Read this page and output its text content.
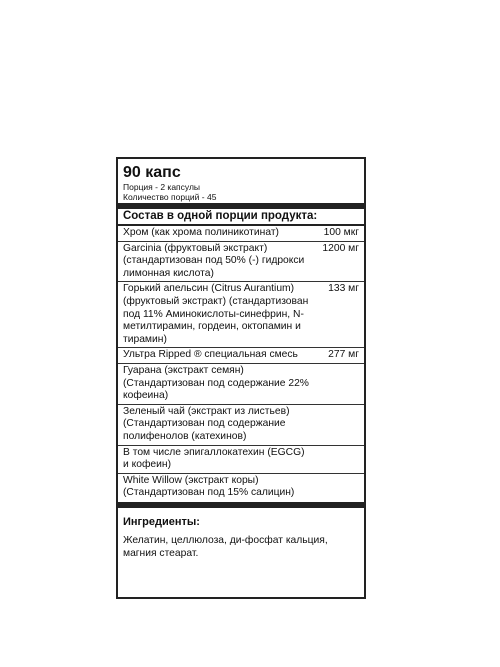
90 капс
Порция - 2 капсулы
Количество порций - 45
Состав в одной порции продукта:
Хром (как хрома полиникотинат)	100 мкг
Garcinia (фруктовый экстракт) (стандартизован под 50% (-) гидрокси лимонная кислота)
1200 мг
Горький апельсин (Citrus Aurantium) (фруктовый экстракт) (стандартизован под 11% Аминокислоты-синефрин, N-метилтирамин, гордеин, октопамин и тирамин)
133 мг
Ультра Ripped ® специальная смесь	277 мг
Гуарана (экстракт семян) (Стандартизован под содержание 22% кофеина)
Зеленый чай (экстракт из листьев) (Стандартизован под содержание полифенолов (катехинов)
В том числе эпигаллокатехин (EGCG) и кофеин)
White Willow (экстракт коры) (Стандартизован под 15% салицин)
Ингредиенты:
Желатин, целлюлоза, ди-фосфат кальция, магния стеарат.
